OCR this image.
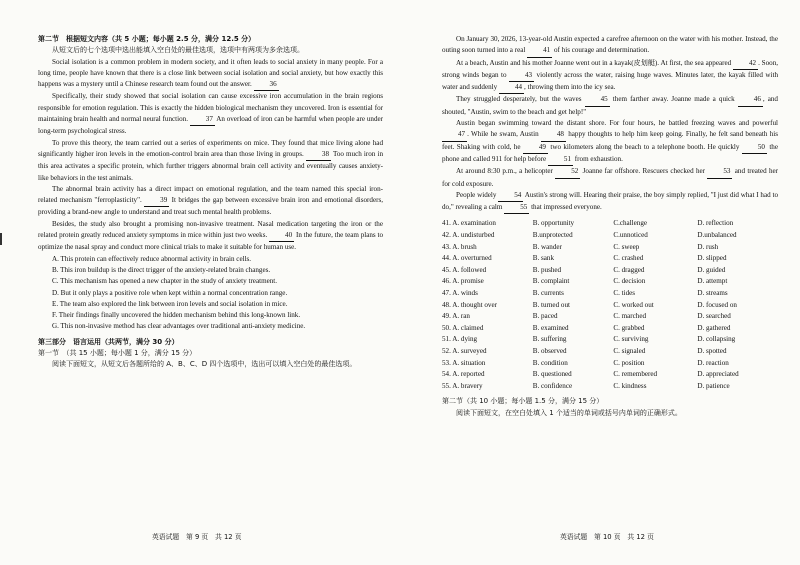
第二节　根据短文内容（共 5 小题；每小题 2.5 分，满分 12.5 分）

从短文后的七个选项中选出能填入空白处的最佳选项，选项中有两项为多余选项。

Social isolation is a common problem in modern society, and it often leads to social anxiety in many people. For a long time, people have known that there is a close link between social isolation and social anxiety, but how exactly this happens was a mystery until a Chinese research team found out the answer.	36

Specifically, their study showed that social isolation can cause excessive iron accumulation in the brain regions responsible for emotion regulation. This is exactly the hidden biological mechanism they uncovered. Iron is essential for maintaining brain health and normal neural function.	37 An overload of iron can be harmful when people are under long-term psychological stress.

To prove this theory, the team carried out a series of experiments on mice. They found that mice living alone had significantly higher iron levels in the emotion-control brain area than those living in groups.	38 Too much iron in this area activates a specific protein, which further triggers abnormal brain cell activity and eventually causes anxiety-like behaviors in the test animals.

The abnormal brain activity has a direct impact on emotional regulation, and the team named this special iron-related mechanism "ferroplasticity".	39 It bridges the gap between excessive brain iron and emotional disorders, providing a brand-new angle to understand and treat such mental health problems.

Besides, the study also brought a promising non-invasive treatment. Nasal medication targeting the iron or the related protein greatly reduced anxiety symptoms in mice within just two weeks.	40 In the future, the team plans to optimize the nasal spray and conduct more clinical trials to make it suitable for human use.

A. This protein can effectively reduce abnormal activity in brain cells.

B. This iron buildup is the direct trigger of the anxiety-related brain changes.

C. This mechanism has opened a new chapter in the study of anxiety treatment.

D. But it only plays a positive role when kept within a normal concentration range.

E. The team also explored the link between iron levels and social isolation in mice.

F. Their findings finally uncovered the hidden mechanism behind this long-known link.

G. This non-invasive method has clear advantages over traditional anti-anxiety medicine.

第三部分　语言运用（共两节，满分 30 分）

第一节　（共 15 小题；每小题 1 分，满分 15 分）

阅读下面短文，从短文后各题所给的 A、B、C、D 四个选项中，选出可以填入空白处的最佳选项。

英语试题　第 9 页　共 12 页

On January 30, 2026, 13-year-old Austin expected a carefree afternoon on the water with his mother. Instead, the outing soon turned into a real	41 of his courage and determination.

At a beach, Austin and his mother Joanne went out in a kayak(皮划艇). At first, the sea appeared	42 . Soon, strong winds began to	43 violently across the water, raising huge waves. Minutes later, the kayak filled with water and suddenly	44 , throwing them into the icy sea.

They struggled desperately, but the waves	45 them farther away. Joanne made a quick	46 , and shouted, "Austin, swim to the beach and get help!"

Austin began swimming toward the distant shore. For four hours, he battled freezing waves and powerful 47 . While he swam, Austin	48 happy thoughts to help him keep going. Finally, he felt sand beneath his feet. Shaking with cold, he	49 two kilometers along the beach to a telephone booth. He quickly	50 the phone and called 911 for help before	51 from exhaustion.

At around 8:30 p.m., a helicopter	52 Joanne far offshore. Rescuers checked her	53 and treated her for cold exposure.

People widely	54 Austin's strong will. Hearing their praise, the boy simply replied, "I just did what I had to do," revealing a calm	55 that impressed everyone.

41. A. examination	B. opportunity	C.challenge	D. reflection
42. A. undisturbed	B.unprotected	C.unnoticed	D.unbalanced
43. A. brush	B. wander	C. sweep	D. rush
44. A. overturned	B. sank	C. crashed	D. slipped
45. A. followed	B. pushed	C. dragged	D. guided
46. A. promise	B. complaint	C. decision	D. attempt
47. A. winds	B. currents	C. tides	D. streams
48. A. thought over	B. turned out	C. worked out	D. focused on
49. A. ran	B. paced	C. marched	D. searched
50. A. claimed	B. examined	C. grabbed	D. gathered
51. A. dying	B. suffering	C. surviving	D. collapsing
52. A. surveyed	B. observed	C. signaled	D. spotted
53. A. situation	B. condition	C. position	D. reaction
54. A. reported	B. questioned	C. remembered	D. appreciated
55. A. bravery	B. confidence	C. kindness	D. patience

第二节（共 10 小题；每小题 1.5 分，满分 15 分）

阅读下面短文，在空白处填入 1 个适当的单词或括号内单词的正确形式。

英语试题　第 10 页　共 12 页
